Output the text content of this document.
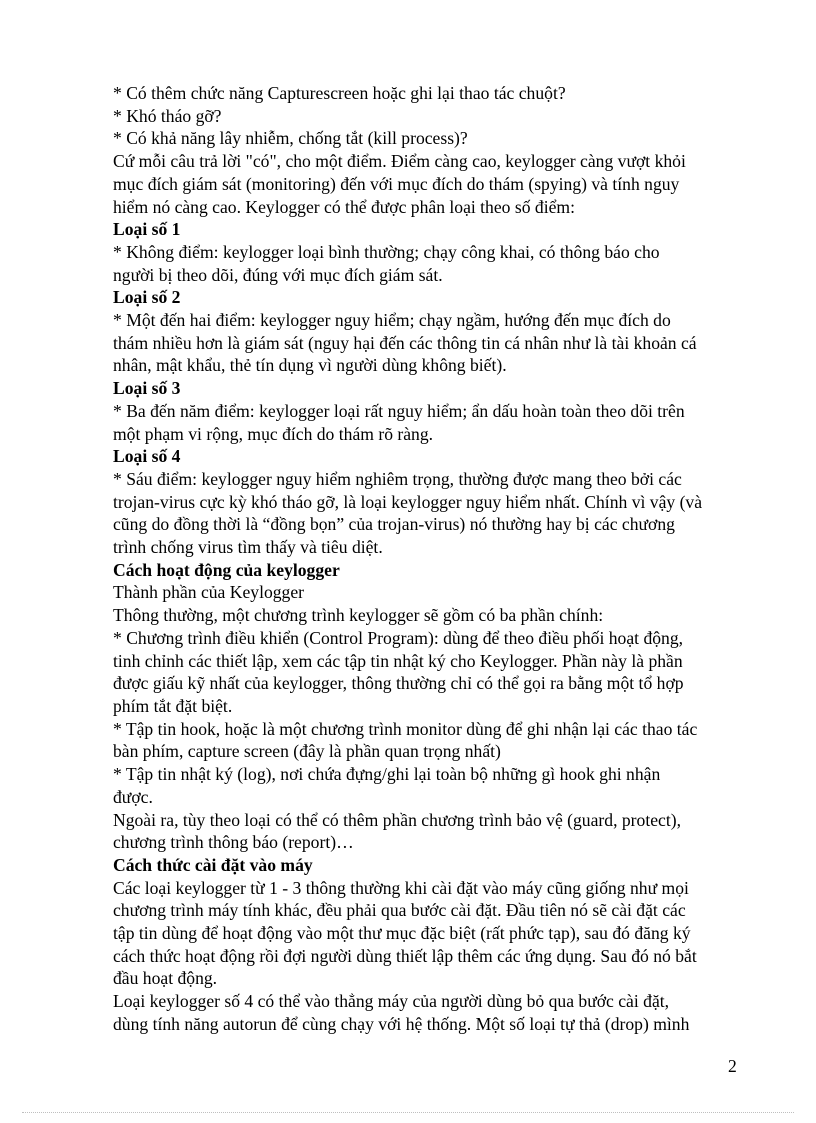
* Có thêm chức năng Capturescreen hoặc ghi lại thao tác chuột?
* Khó tháo gỡ?
* Có khả năng lây nhiễm, chống tắt (kill process)?
Cứ mỗi câu trả lời "có", cho một điểm. Điểm càng cao, keylogger càng vượt khỏi
mục đích giám sát (monitoring) đến với mục đích do thám (spying) và tính nguy
hiểm nó càng cao. Keylogger có thể được phân loại theo số điểm:
Loại số 1
* Không điểm: keylogger loại bình thường; chạy công khai, có thông báo cho
người bị theo dõi, đúng với mục đích giám sát.
Loại số 2
* Một đến hai điểm: keylogger nguy hiểm; chạy ngầm, hướng đến mục đích do
thám nhiều hơn là giám sát (nguy hại đến các thông tin cá nhân như là tài khoản cá
nhân, mật khẩu, thẻ tín dụng vì người dùng không biết).
Loại số 3
* Ba đến năm điểm: keylogger loại rất nguy hiểm; ẩn dấu hoàn toàn theo dõi trên
một phạm vi rộng, mục đích do thám rõ ràng.
Loại số 4
* Sáu điểm: keylogger nguy hiểm nghiêm trọng, thường được mang theo bởi các
trojan-virus cực kỳ khó tháo gỡ, là loại keylogger nguy hiểm nhất. Chính vì vậy (và
cũng do đồng thời là “đồng bọn” của trojan-virus) nó thường hay bị các chương
trình chống virus tìm thấy và tiêu diệt.
Cách hoạt động của keylogger
Thành phần của Keylogger
Thông thường, một chương trình keylogger sẽ gồm có ba phần chính:
* Chương trình điều khiển (Control Program): dùng để theo điều phối hoạt động,
tinh chỉnh các thiết lập, xem các tập tin nhật ký cho Keylogger. Phần này là phần
được giấu kỹ nhất của keylogger, thông thường chỉ có thể gọi ra bằng một tổ hợp
phím tắt đặt biệt.
* Tập tin hook, hoặc là một chương trình monitor dùng để ghi nhận lại các thao tác
bàn phím, capture screen (đây là phần quan trọng nhất)
* Tập tin nhật ký (log), nơi chứa đựng/ghi lại toàn bộ những gì hook ghi nhận
được.
Ngoài ra, tùy theo loại có thể có thêm phần chương trình bảo vệ (guard, protect),
chương trình thông báo (report)…
Cách thức cài đặt vào máy
Các loại keylogger từ 1 - 3 thông thường khi cài đặt vào máy cũng giống như mọi
chương trình máy tính khác, đều phải qua bước cài đặt. Đầu tiên nó sẽ cài đặt các
tập tin dùng để hoạt động vào một thư mục đặc biệt (rất phức tạp), sau đó đăng ký
cách thức hoạt động rồi đợi người dùng thiết lập thêm các ứng dụng. Sau đó nó bắt
đầu hoạt động.
Loại keylogger số 4 có thể vào thẳng máy của người dùng bỏ qua bước cài đặt,
dùng tính năng autorun để cùng chạy với hệ thống. Một số loại tự thả (drop) mình
2
